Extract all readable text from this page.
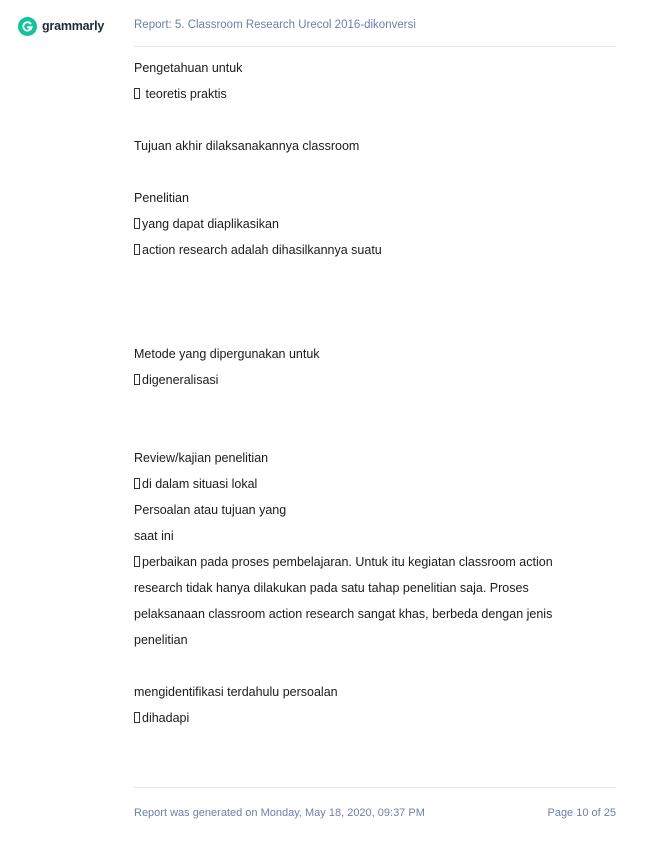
grammarly	Report: 5. Classroom Research Urecol 2016-dikonversi
Pengetahuan untuk
teoretis praktis
Tujuan akhir dilaksanakannya classroom
Penelitian
yang dapat diaplikasikan
action research adalah dihasilkannya suatu
Metode yang dipergunakan untuk
digeneralisasi
Review/kajian penelitian
di dalam situasi lokal
Persoalan atau tujuan yang
saat ini
perbaikan pada proses pembelajaran. Untuk itu kegiatan classroom action
research tidak hanya dilakukan pada satu tahap penelitian saja. Proses
pelaksanaan classroom action research sangat khas, berbeda dengan jenis
penelitian
mengidentifikasi terdahulu persoalan
dihadapi
Report was generated on Monday, May 18, 2020, 09:37 PM	Page 10 of 25
